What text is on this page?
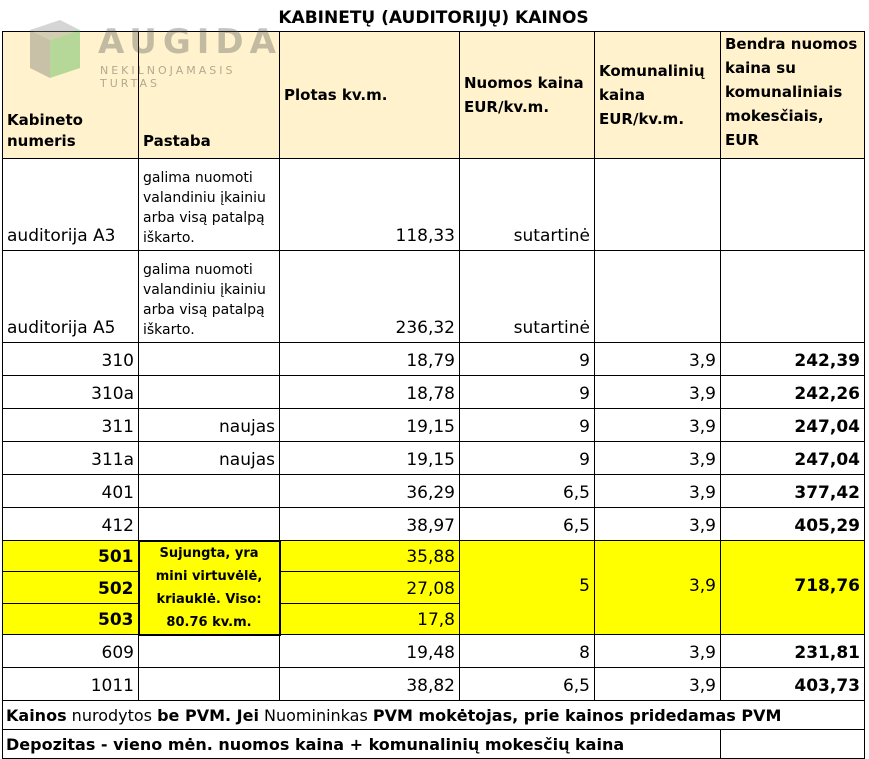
KABINETŲ (AUDITORIJŲ) KAINOS					
Kabineto numeris	Pastaba	Plotas kv.m.	Nuomos kaina EUR/kv.m.	Komunalinių kaina EUR/kv.m.	Bendra nuomos kaina su komunaliniais mokesčiais, EUR
auditorija A3	galima nuomoti valandiniu įkainiu arba visą patalpą iškarto.	118,33	sutartinė		
auditorija A5	galima nuomoti valandiniu įkainiu arba visą patalpą iškarto.	236,32	sutartinė		
310		18,79	9	3,9	242,39
310a		18,78	9	3,9	242,26
311	naujas	19,15	9	3,9	247,04
311a	naujas	19,15	9	3,9	247,04
401		36,29	6,5	3,9	377,42
412		38,97	6,5	3,9	405,29
501	Sujungta, yra mini virtuvėlė, kriauklė. Viso: 80.76 kv.m.	35,88	5	3,9	718,76
502		27,08			
503		17,8			
609		19,48	8	3,9	231,81
1011		38,82	6,5	3,9	403,73
Kainos nurodytos be PVM. Jei Nuomininkas PVM mokėtojas, prie kainos pridedamas PVM					
Depozitas - vieno mėn. nuomos kaina + komunalinių mokesčių kaina					
AUGIDA
NEKILNOJAMASIS TURTAS
